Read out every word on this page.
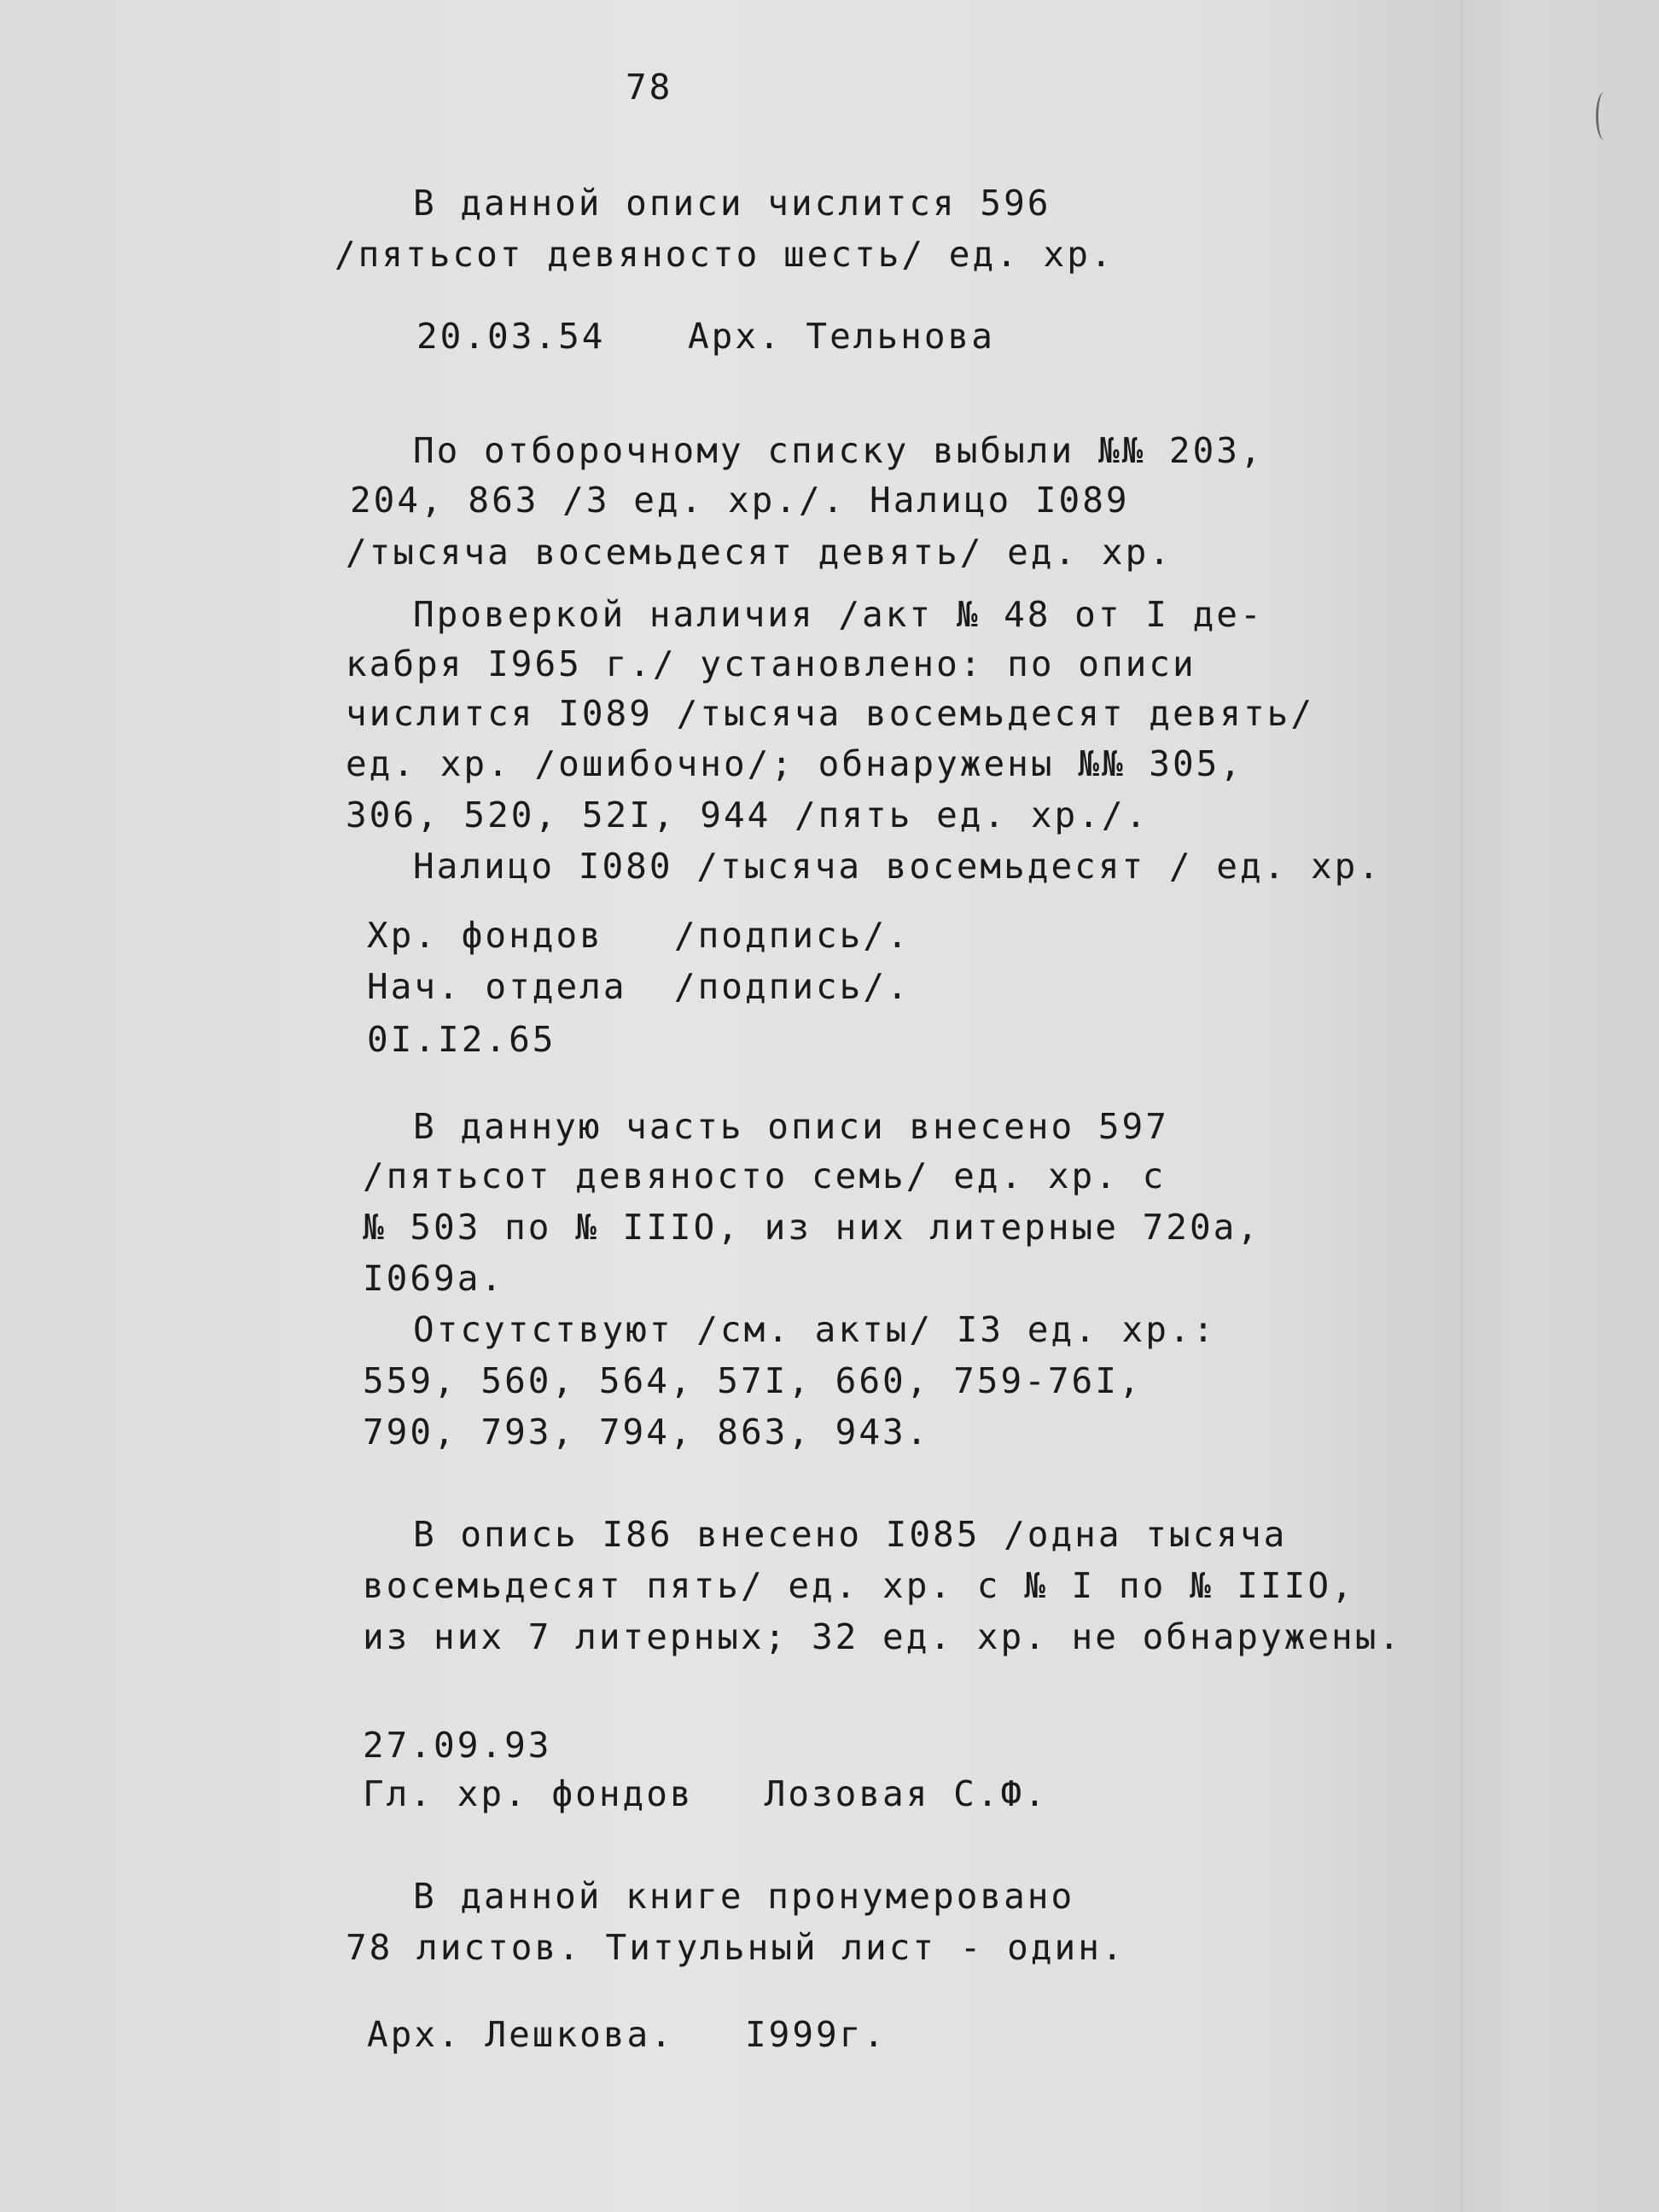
78

В данной описи числится 596

/пятьсот девяносто шесть/ ед. хр.

20.03.54 Арх. Тельнова

По отборочному списку выбыли №№ 203,

204, 863 /3 ед. хр./. Налицо I089

/тысяча восемьдесят девять/ ед. хр.

Проверкой наличия /акт № 48 от I де-

кабря I965 г./ установлено: по описи

числится I089 /тысяча восемьдесят девять/

ед. хр. /ошибочно/; обнаружены №№ 305,

306, 520, 52I, 944 /пять ед. хр./.

Налицо I080 /тысяча восемьдесят / ед. хр.

Хр. фондов   /подпись/.

Нач. отдела  /подпись/.

0I.I2.65

В данную часть описи внесено 597

/пятьсот девяносто семь/ ед. хр. с

№ 503 по № IIIO, из них литерные 720а,

I069а.

Отсутствуют /см. акты/ I3 ед. хр.:

559, 560, 564, 57I, 660, 759-76I,

790, 793, 794, 863, 943.

В опись I86 внесено I085 /одна тысяча

восемьдесят пять/ ед. хр. с № I по № IIIO,

из них 7 литерных; 32 ед. хр. не обнаружены.

27.09.93

Гл. хр. фондов   Лозовая С.Ф.

В данной книге пронумеровано

78 листов. Титульный лист - один.

Арх. Лешкова.   I999г.
